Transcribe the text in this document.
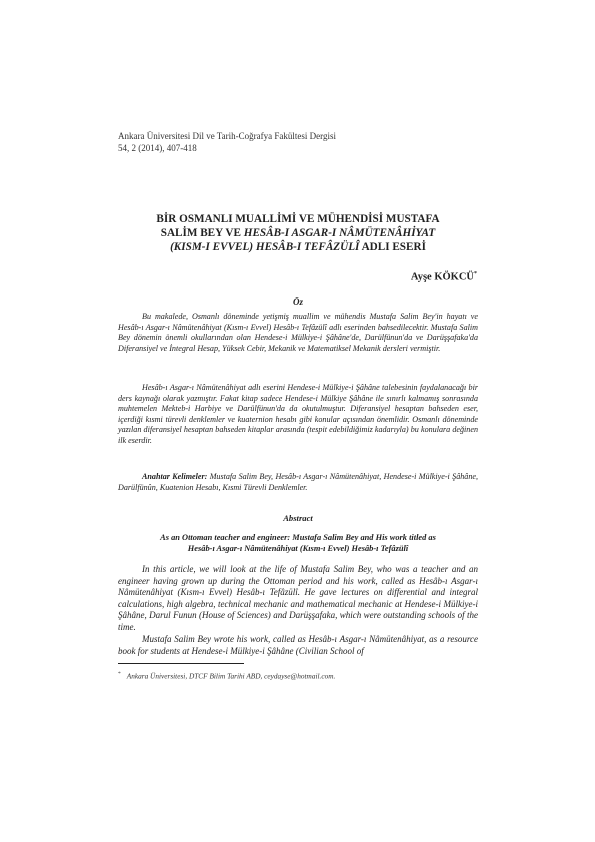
Ankara Üniversitesi Dil ve Tarih-Coğrafya Fakültesi Dergisi
54, 2 (2014), 407-418
BİR OSMANLI MUALLİMİ VE MÜHENDİSİ MUSTAFA
SALİM BEY VE HESÂB-I ASGAR-I NÂMÜTENÂHİYAT
(KISM-I EVVEL) HESÂB-I TEFÂZÜLÎ ADLI ESERİ
Ayşe KÖKCÜ*
Öz

Bu makalede, Osmanlı döneminde yetişmiş muallim ve mühendis Mustafa Salim Bey'in hayatı ve Hesâb-ı Asgar-ı Nâmütenâhiyat (Kısm-ı Evvel) Hesâb-ı Tefâzülî adlı eserinden bahsedilecektir. Mustafa Salim Bey dönemin önemli okullarından olan Hendese-i Mülkiye-i Şâhâne'de, Darülfünun'da ve Darüşşafaka'da Diferansiyel ve İntegral Hesap, Yüksek Cebir, Mekanik ve Matematiksel Mekanik dersleri vermiştir.

Hesâb-ı Asgar-ı Nâmütenâhiyat adlı eserini Hendese-i Mülkiye-i Şâhâne talebesinin faydalanacağı bir ders kaynağı olarak yazmıştır. Fakat kitap sadece Hendese-i Mülkiye Şâhâne ile sınırlı kalmamış sonrasında muhtemelen Mekteb-i Harbiye ve Darülfünun'da da okutulmuştur. Diferansiyel hesaptan bahseden eser, içerdiği kısmi türevli denklemler ve kuaternion hesabı gibi konular açısından önemlidir. Osmanlı döneminde yazılan diferansiyel hesaptan bahseden kitaplar arasında (tespit edebildiğimiz kadarıyla) bu konulara değinen ilk eserdir.

Anahtar Kelimeler: Mustafa Salim Bey, Hesâb-ı Asgar-ı Nâmütenâhiyat, Hendese-i Mülkiye-i Şâhâne, Darülfünûn, Kuatenion Hesabı, Kısmi Türevli Denklemler.
Abstract
As an Ottoman teacher and engineer: Mustafa Salim Bey and His work titled as
Hesâb-ı Asgar-ı Nâmütenâhiyat (Kısm-ı Evvel) Hesâb-ı Tefâzülî

In this article, we will look at the life of Mustafa Salim Bey, who was a teacher and an engineer having grown up during the Ottoman period and his work, called as Hesâb-ı Asgar-ı Nâmütenâhiyat (Kısm-ı Evvel) Hesâb-ı Tefâzülî. He gave lectures on differential and integral calculations, high algebra, technical mechanic and mathematical mechanic at Hendese-i Mülkiye-i Şâhâne, Darul Funun (House of Sciences) and Darüşşafaka, which were outstanding schools of the time.

Mustafa Salim Bey wrote his work, called as Hesâb-ı Asgar-ı Nâmütenâhiyat, as a resource book for students at Hendese-i Mülkiye-i Şâhâne (Civilian School of

* Ankara Üniversitesi, DTCF Bilim Tarihi ABD, ceydayse@hotmail.com.
